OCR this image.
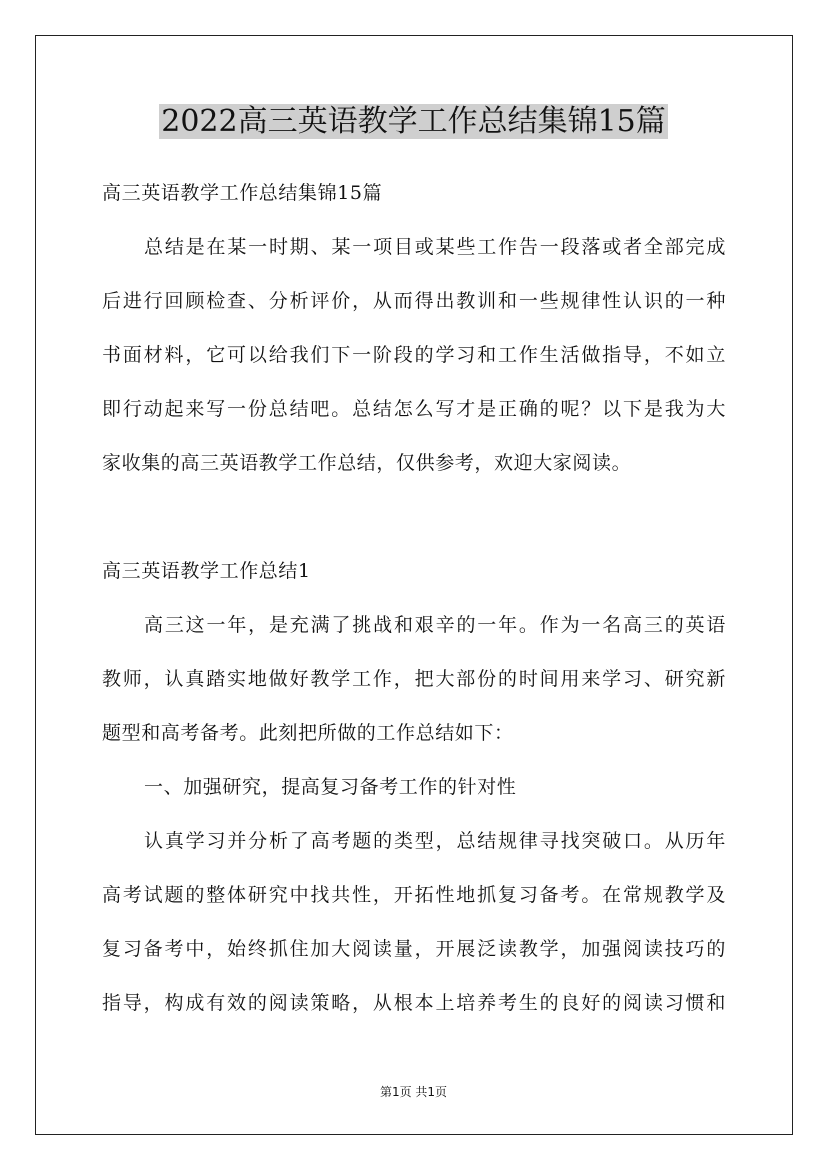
2022高三英语教学工作总结集锦15篇
高三英语教学工作总结集锦15篇
总结是在某一时期、某一项目或某些工作告一段落或者全部完成
后进行回顾检查、分析评价，从而得出教训和一些规律性认识的一种
书面材料，它可以给我们下一阶段的学习和工作生活做指导，不如立
即行动起来写一份总结吧。总结怎么写才是正确的呢？以下是我为大
家收集的高三英语教学工作总结，仅供参考，欢迎大家阅读。
高三英语教学工作总结1
高三这一年，是充满了挑战和艰辛的一年。作为一名高三的英语
教师，认真踏实地做好教学工作，把大部份的时间用来学习、研究新
题型和高考备考。此刻把所做的工作总结如下：
一、加强研究，提高复习备考工作的针对性
认真学习并分析了高考题的类型，总结规律寻找突破口。从历年
高考试题的整体研究中找共性，开拓性地抓复习备考。在常规教学及
复习备考中，始终抓住加大阅读量，开展泛读教学，加强阅读技巧的
指导，构成有效的阅读策略，从根本上培养考生的良好的阅读习惯和
第1页 共1页
